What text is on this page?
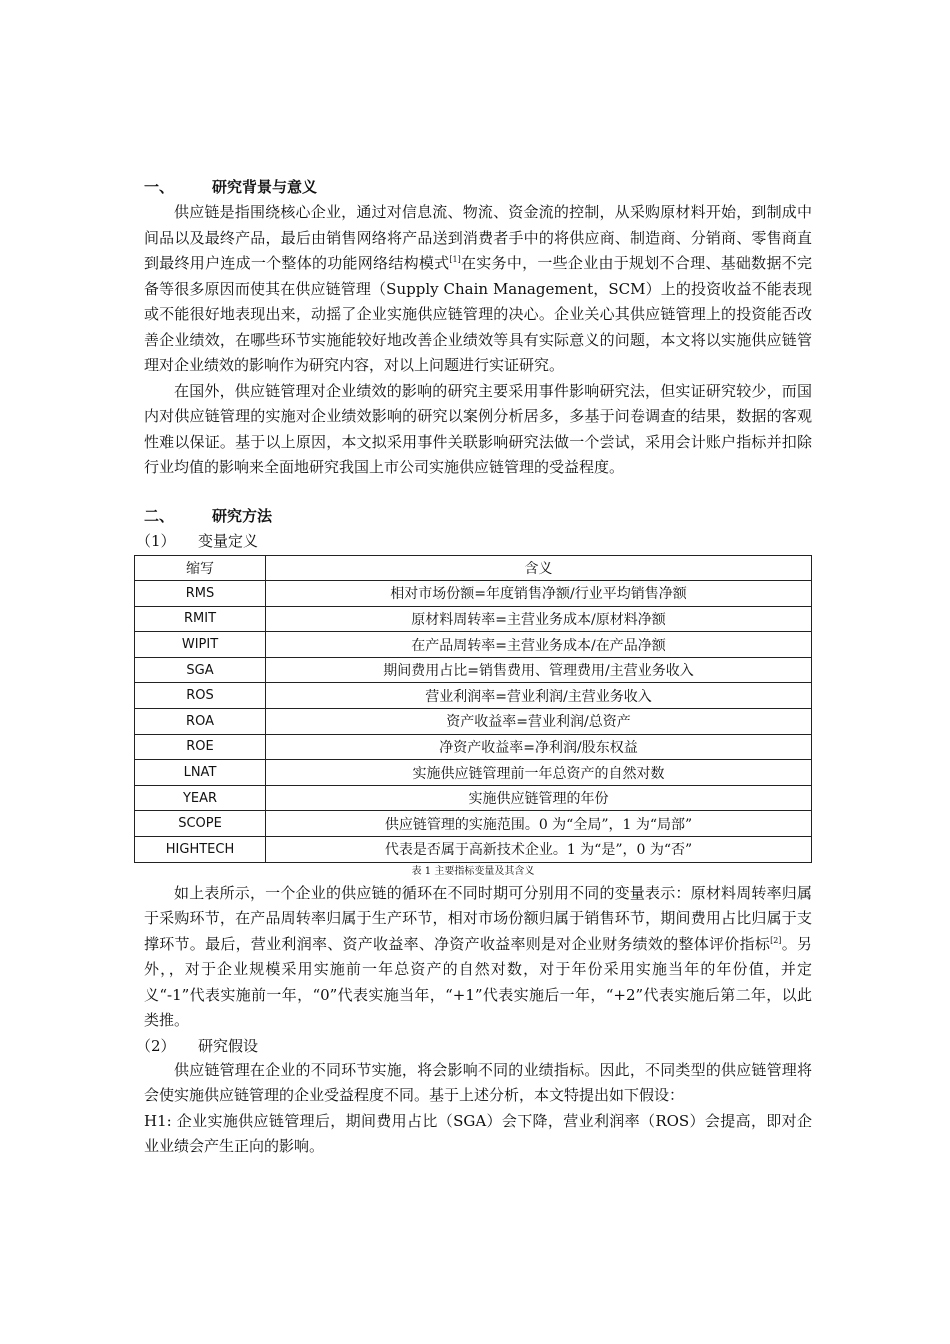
一、	研究背景与意义

供应链是指围绕核心企业，通过对信息流、物流、资金流的控制，从采购原材料开始，到制成中间品以及最终产品，最后由销售网络将产品送到消费者手中的将供应商、制造商、分销商、零售商直到最终用户连成一个整体的功能网络结构模式[1]在实务中，一些企业由于规划不合理、基础数据不完备等很多原因而使其在供应链管理（Supply Chain Management，SCM）上的投资收益不能表现或不能很好地表现出来，动摇了企业实施供应链管理的决心。企业关心其供应链管理上的投资能否改善企业绩效，在哪些环节实施能较好地改善企业绩效等具有实际意义的问题，本文将以实施供应链管理对企业绩效的影响作为研究内容，对以上问题进行实证研究。

在国外，供应链管理对企业绩效的影响的研究主要采用事件影响研究法，但实证研究较少，而国内对供应链管理的实施对企业绩效影响的研究以案例分析居多，多基于问卷调查的结果，数据的客观性难以保证。基于以上原因，本文拟采用事件关联影响研究法做一个尝试，采用会计账户指标并扣除行业均值的影响来全面地研究我国上市公司实施供应链管理的受益程度。

二、	研究方法
（1）	变量定义
缩写	含义
RMS	相对市场份额=年度销售净额/行业平均销售净额
RMIT	原材料周转率=主营业务成本/原材料净额
WIPIT	在产品周转率=主营业务成本/在产品净额
SGA	期间费用占比=销售费用、管理费用/主营业务收入
ROS	营业利润率=营业利润/主营业务收入
ROA	资产收益率=营业利润/总资产
ROE	净资产收益率=净利润/股东权益
LNAT	实施供应链管理前一年总资产的自然对数
YEAR	实施供应链管理的年份
SCOPE	供应链管理的实施范围。0 为“全局”，1 为“局部”
HIGHTECH	代表是否属于高新技术企业。1 为“是”，0 为“否”
表 1 主要指标变量及其含义

如上表所示，一个企业的供应链的循环在不同时期可分别用不同的变量表示：原材料周转率归属于采购环节，在产品周转率归属于生产环节，相对市场份额归属于销售环节，期间费用占比归属于支撑环节。最后，营业利润率、资产收益率、净资产收益率则是对企业财务绩效的整体评价指标[2]。另外，，对于企业规模采用实施前一年总资产的自然对数，对于年份采用实施当年的年份值，并定义“-1”代表实施前一年，“0”代表实施当年，“+1”代表实施后一年，“+2”代表实施后第二年，以此类推。

（2）	研究假设

供应链管理在企业的不同环节实施，将会影响不同的业绩指标。因此，不同类型的供应链管理将会使实施供应链管理的企业受益程度不同。基于上述分析，本文特提出如下假设：

H1: 企业实施供应链管理后，期间费用占比（SGA）会下降，营业利润率（ROS）会提高，即对企业业绩会产生正向的影响。
